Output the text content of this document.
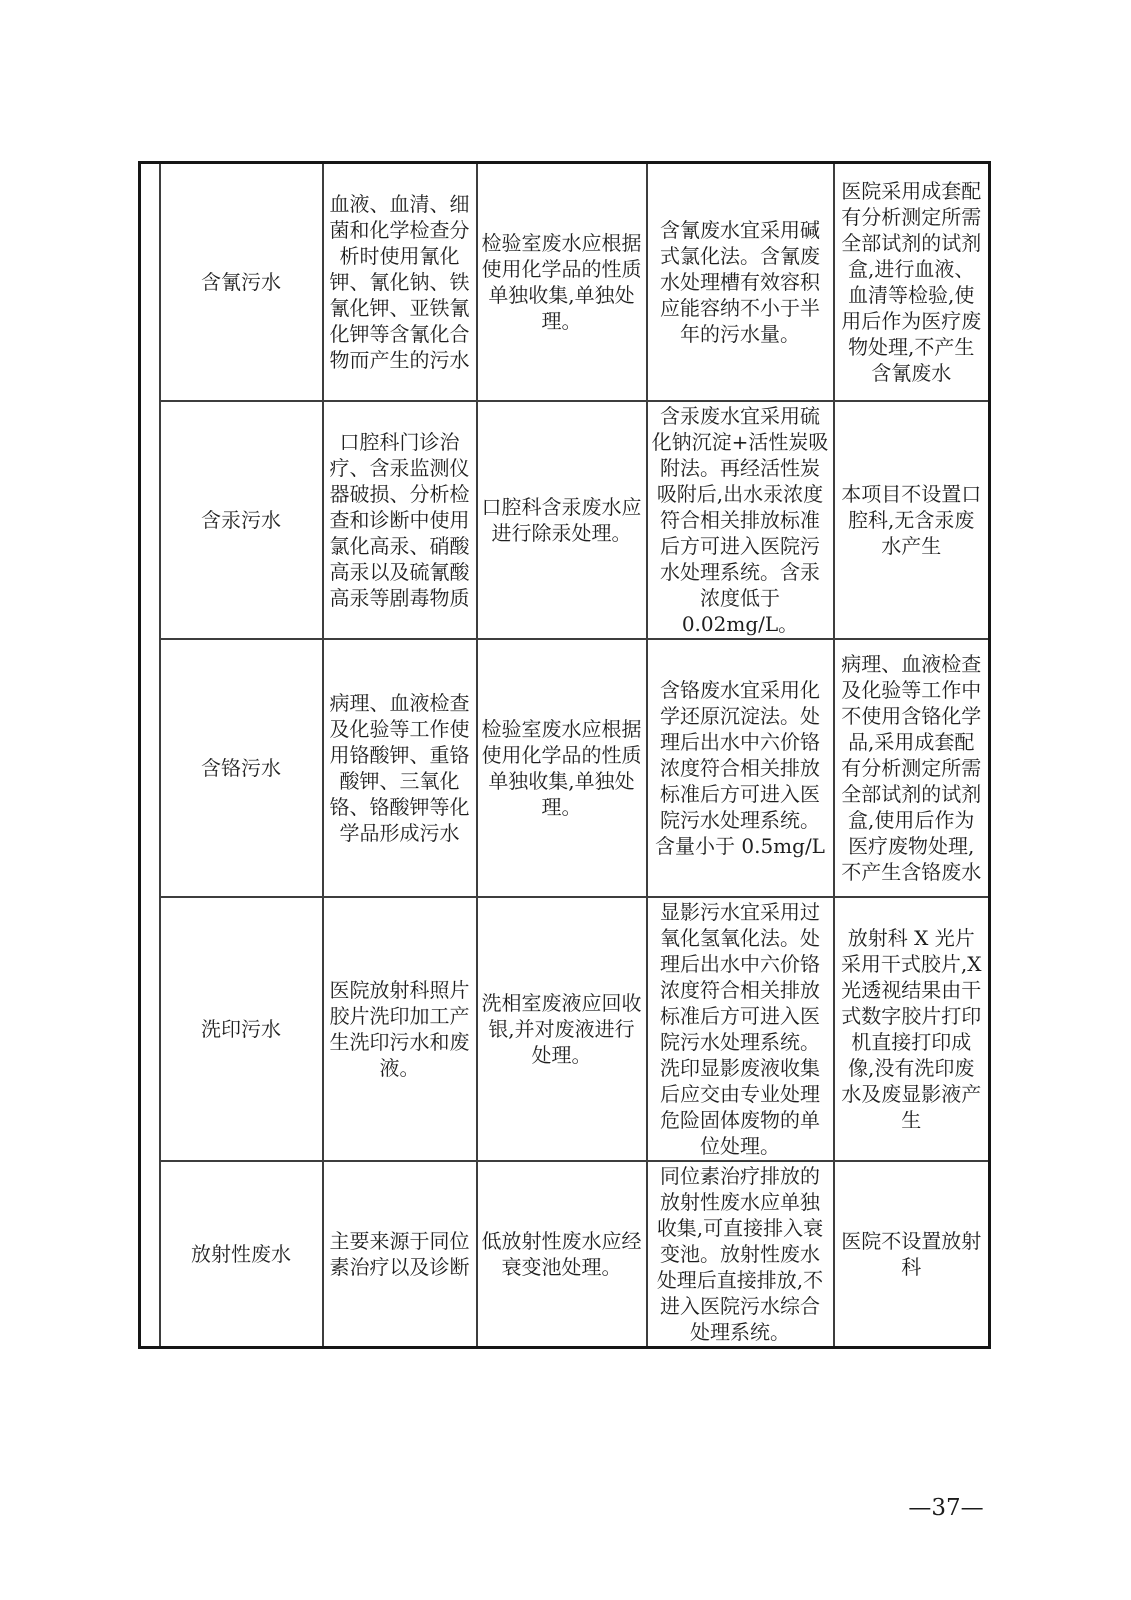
	含氰污水	血液、血清、细菌和化学检查分析时使用氰化钾、氰化钠、铁氰化钾、亚铁氰化钾等含氰化合物而产生的污水	检验室废水应根据使用化学品的性质单独收集,单独处理。	含氰废水宜采用碱式氯化法。含氰废水处理槽有效容积应能容纳不小于半年的污水量。	医院采用成套配有分析测定所需全部试剂的试剂盒,进行血液、血清等检验,使用后作为医疗废物处理,不产生含氰废水
	含汞污水	口腔科门诊治疗、含汞监测仪器破损、分析检查和诊断中使用氯化高汞、硝酸高汞以及硫氰酸高汞等剧毒物质	口腔科含汞废水应进行除汞处理。	含汞废水宜采用硫化钠沉淀+活性炭吸附法。再经活性炭吸附后,出水汞浓度符合相关排放标准后方可进入医院污水处理系统。含汞浓度低于 0.02mg/L。	本项目不设置口腔科,无含汞废水产生
	含铬污水	病理、血液检查及化验等工作使用铬酸钾、重铬酸钾、三氧化铬、铬酸钾等化学品形成污水	检验室废水应根据使用化学品的性质单独收集,单独处理。	含铬废水宜采用化学还原沉淀法。处理后出水中六价铬浓度符合相关排放标准后方可进入医院污水处理系统。含量小于 0.5mg/L	病理、血液检查及化验等工作中不使用含铬化学品,采用成套配有分析测定所需全部试剂的试剂盒,使用后作为医疗废物处理,不产生含铬废水
	洗印污水	医院放射科照片胶片洗印加工产生洗印污水和废液。	洗相室废液应回收银,并对废液进行处理。	显影污水宜采用过氧化氢氧化法。处理后出水中六价铬浓度符合相关排放标准后方可进入医院污水处理系统。洗印显影废液收集后应交由专业处理危险固体废物的单位处理。	放射科 X 光片采用干式胶片,X 光透视结果由干式数字胶片打印机直接打印成像,没有洗印废水及废显影液产生
	放射性废水	主要来源于同位素治疗以及诊断	低放射性废水应经衰变池处理。	同位素治疗排放的放射性废水应单独收集,可直接排入衰变池。放射性废水处理后直接排放,不进入医院污水综合处理系统。	医院不设置放射科
—37—
